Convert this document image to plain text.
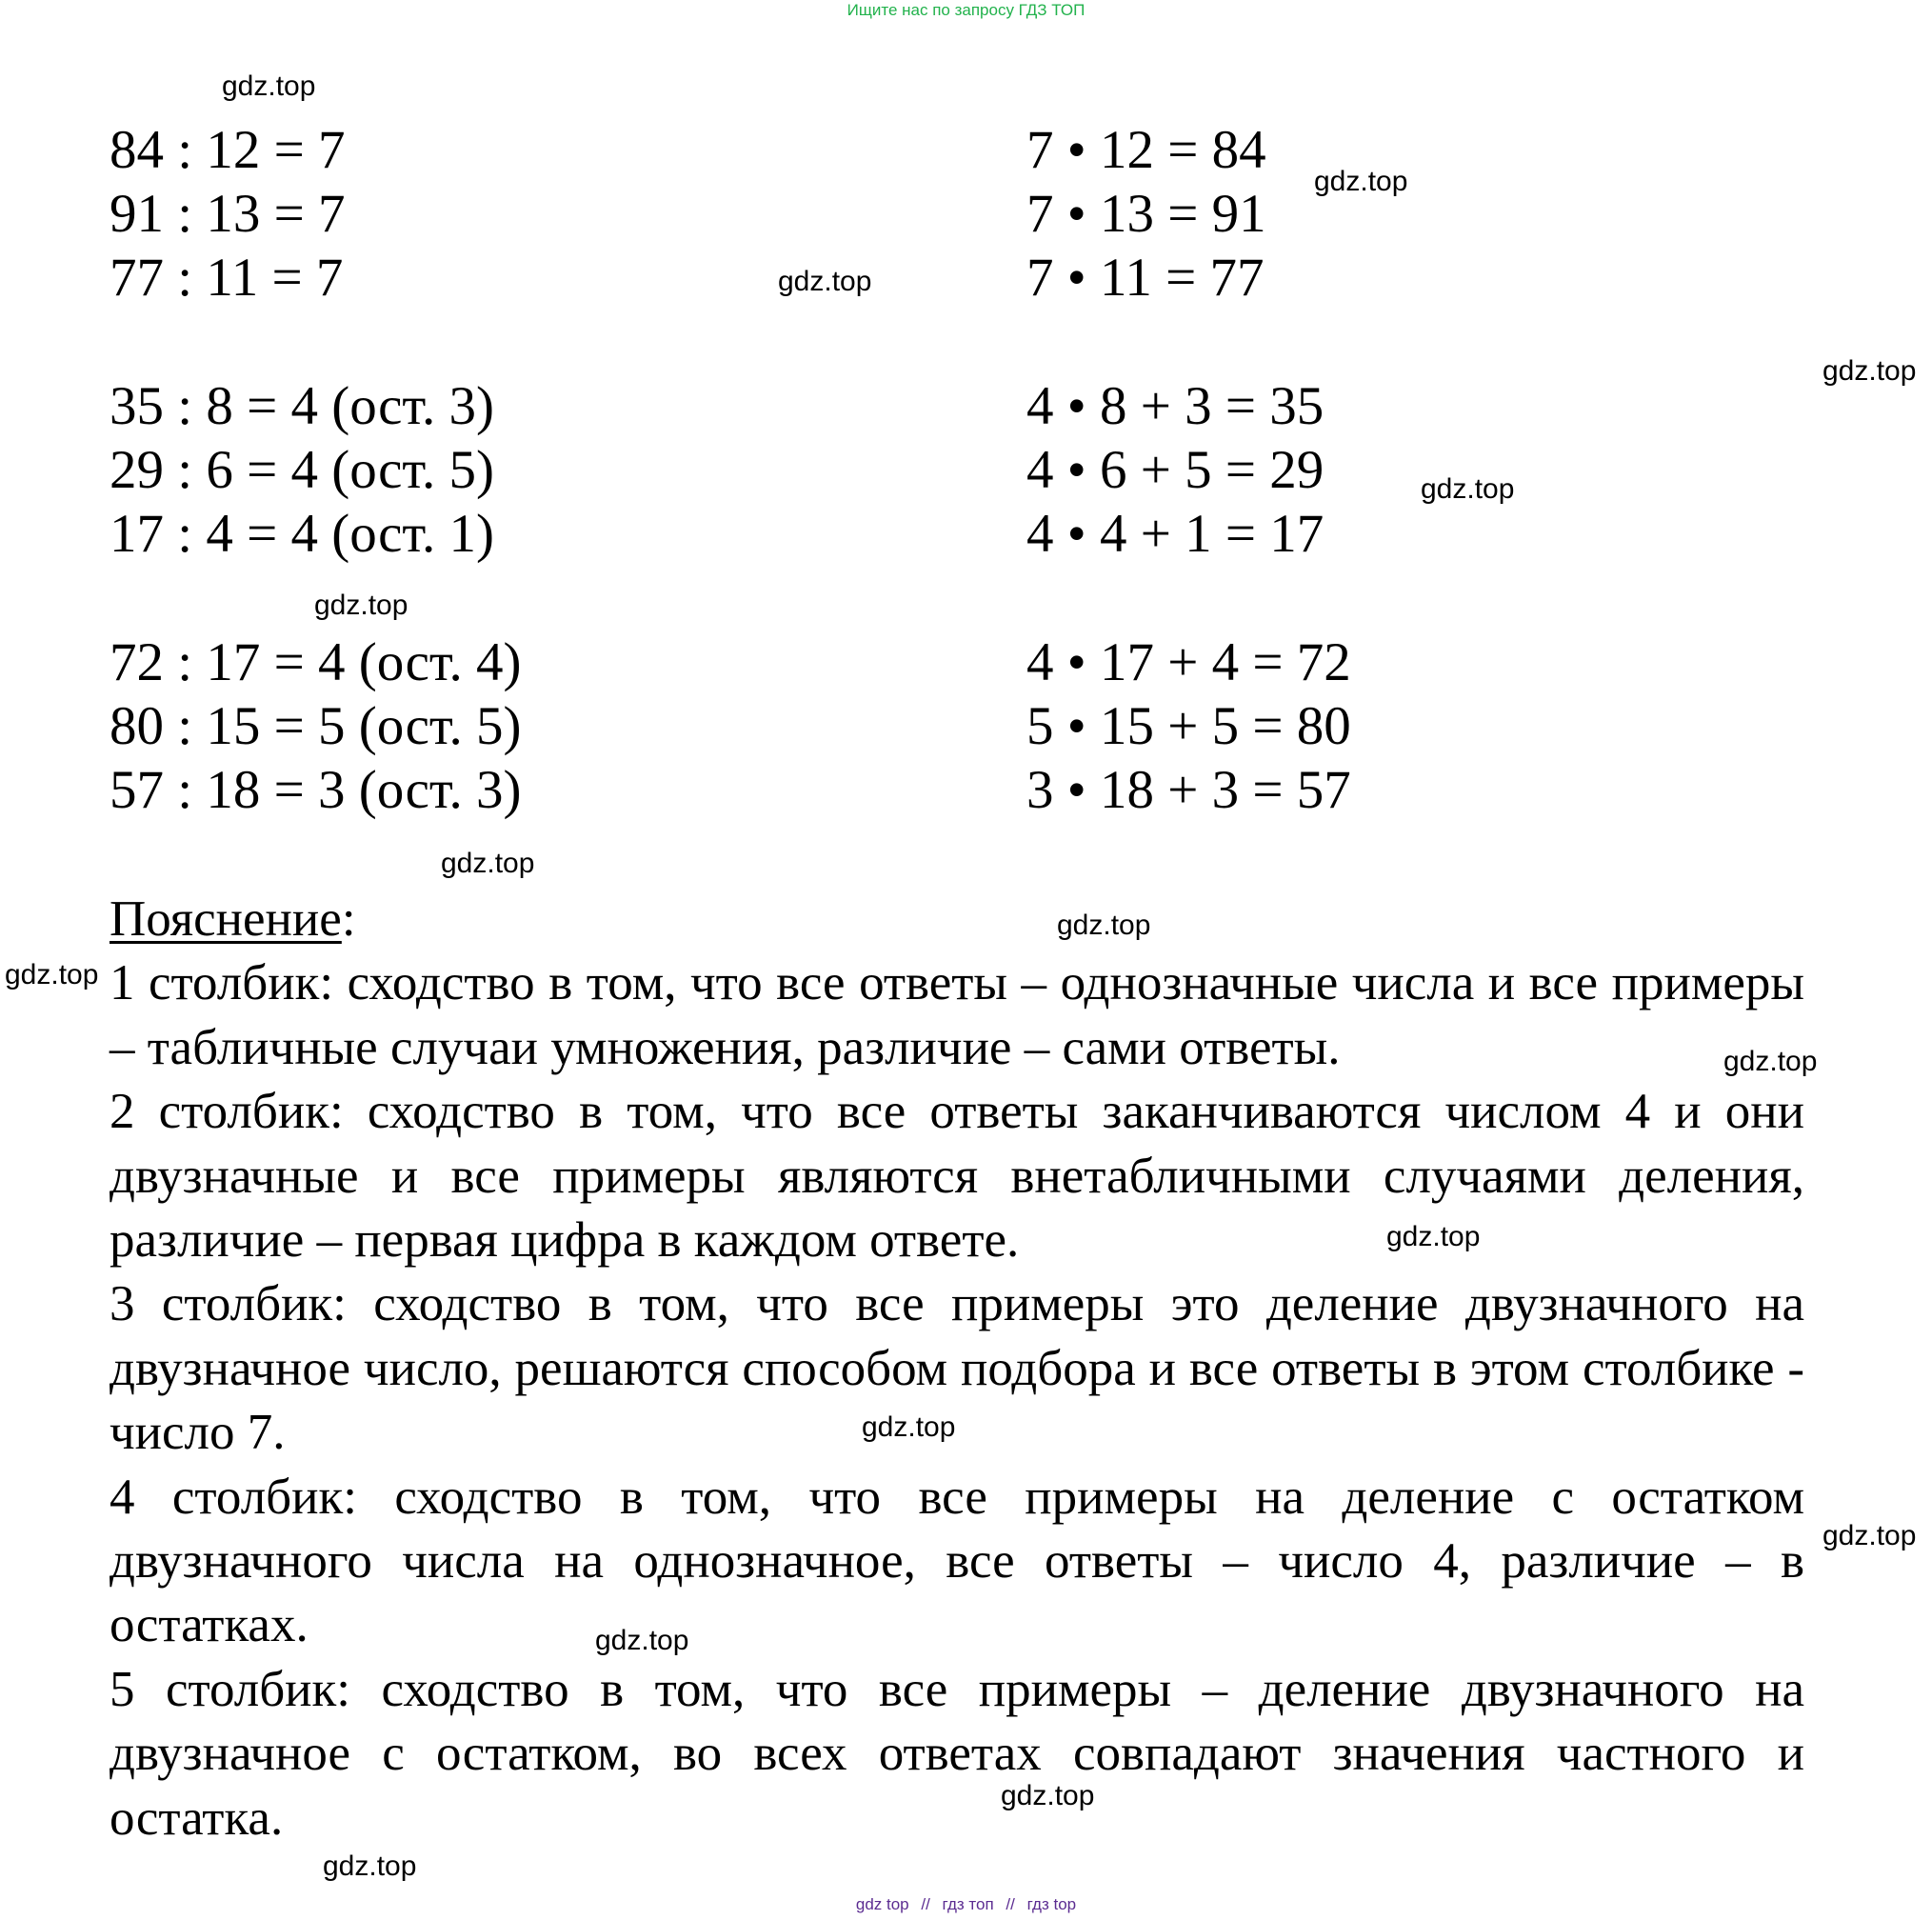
Ищите нас по запросу ГДЗ ТОП
84 : 12 = 7
91 : 13 = 7
77 : 11 = 7
35 : 8 = 4 (ост. 3)
29 : 6 = 4 (ост. 5)
17 : 4 = 4 (ост. 1)
72 : 17 = 4 (ост. 4)
80 : 15 = 5 (ост. 5)
57 : 18 = 3 (ост. 3)
7 • 12 = 84
7 • 13 = 91
7 • 11 = 77
4 • 8 + 3 = 35
4 • 6 + 5 = 29
4 • 4 + 1 = 17
4 • 17 + 4 = 72
5 • 15 + 5 = 80
3 • 18 + 3 = 57

Пояснение:

1 столбик: сходство в том, что все ответы – однозначные числа и все примеры – табличные случаи умножения, различие – сами ответы.

2 столбик: сходство в том, что все ответы заканчиваются числом 4 и они двузначные и все примеры являются внетабличными случаями деления, различие – первая цифра в каждом ответе.

3 столбик: сходство в том, что все примеры это деление двузначного на двузначное число, решаются способом подбора и все ответы в этом столбике - число 7.

4 столбик: сходство в том, что все примеры на деление с остатком двузначного числа на однозначное, все ответы – число 4, различие – в остатках.

5 столбик: сходство в том, что все примеры – деление двузначного на двузначное с остатком, во всех ответах совпадают значения частного и остатка.

gdz.top
gdz.top
gdz.top
gdz.top
gdz.top
gdz.top
gdz.top
gdz.top
gdz.top
gdz.top
gdz.top
gdz.top
gdz.top
gdz.top
gdz.top
gdz.top
gdz top // гдз топ // гдз top
